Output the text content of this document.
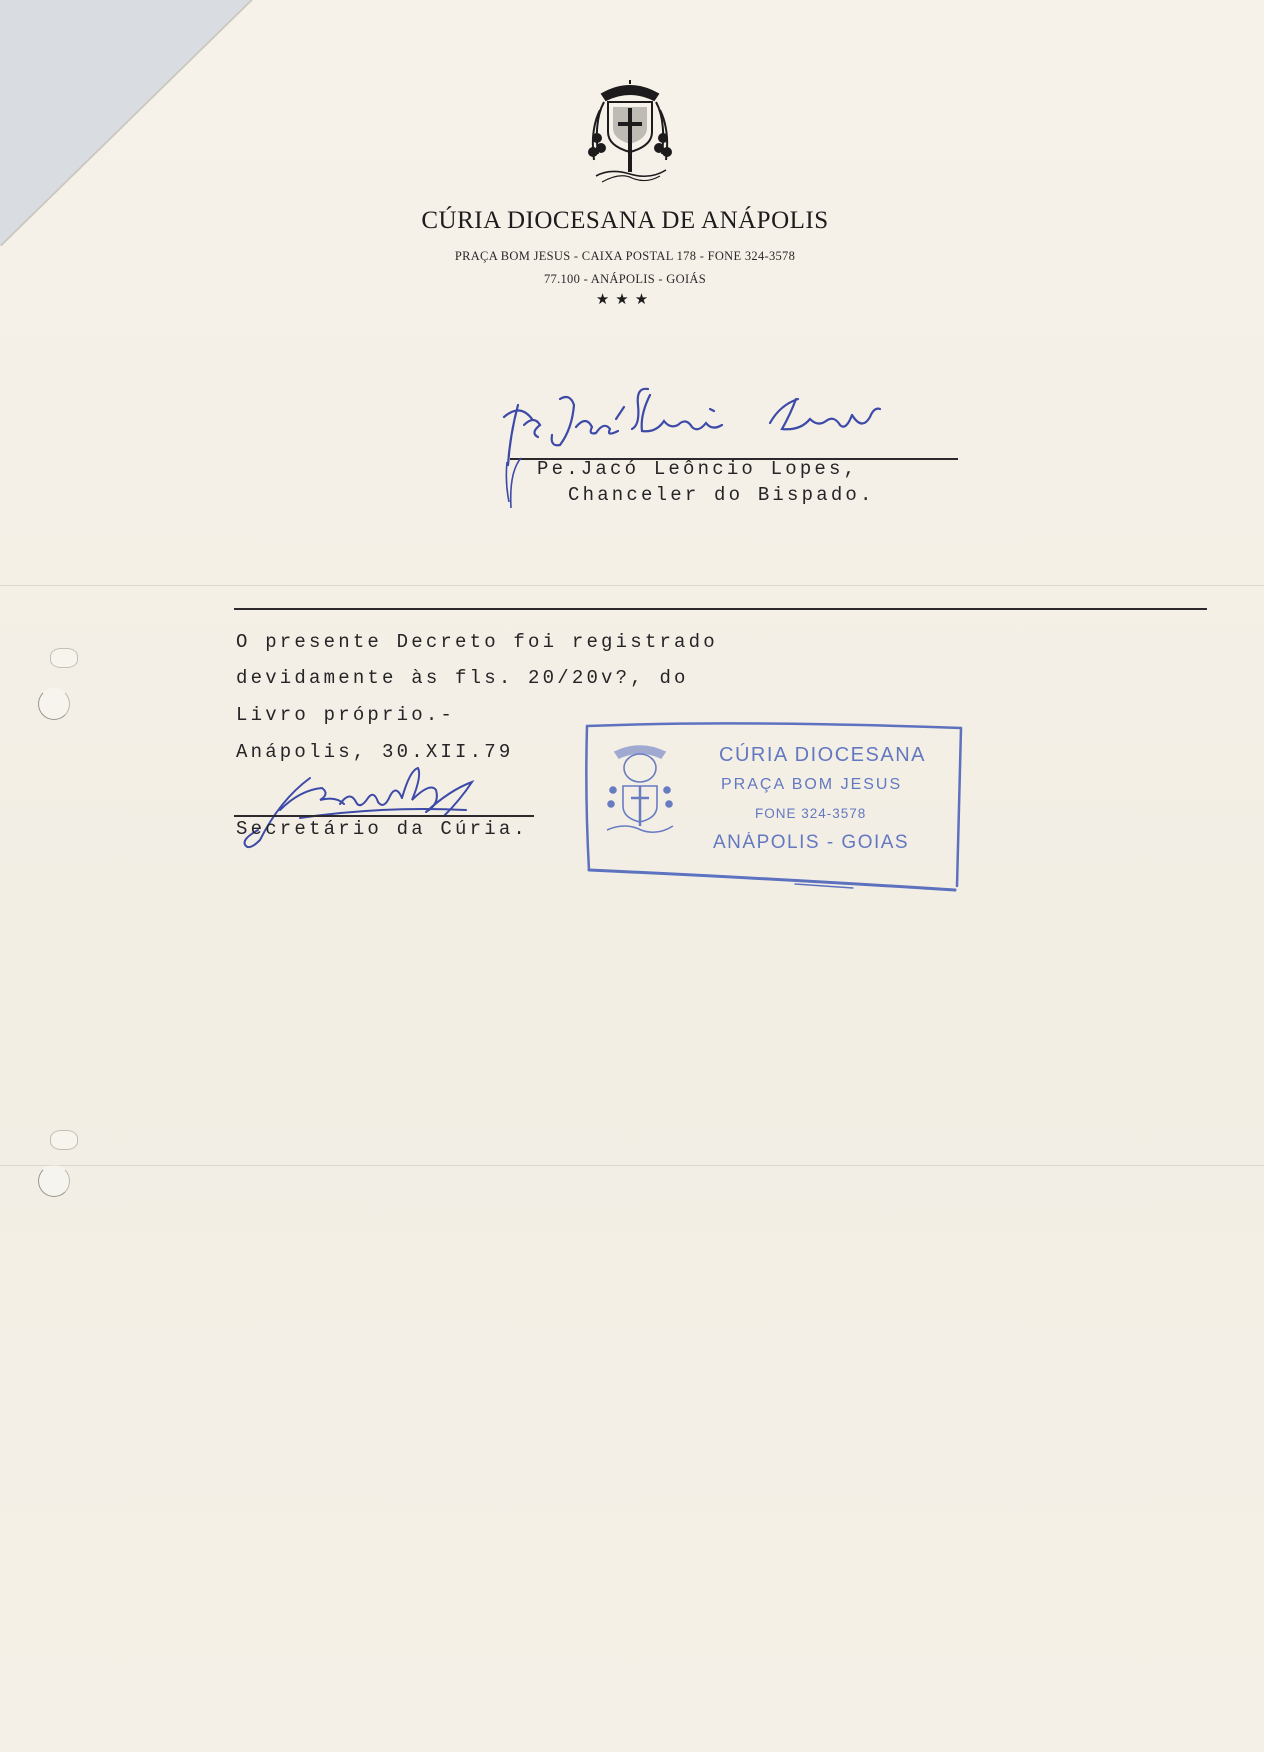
CÚRIA DIOCESANA DE ANÁPOLIS
PRAÇA BOM JESUS - CAIXA POSTAL 178 - FONE 324-3578
77.100 - ANÁPOLIS - GOIÁS
★★★
Pe.Jacó Leôncio Lopes,
Chanceler do Bispado.
O presente Decreto foi registrado
devidamente às fls. 20/20v?, do
Livro próprio.-
Anápolis, 30.XII.79
Secretário da Cúria.
CÚRIA DIOCESANA
PRAÇA BOM JESUS
FONE 324-3578
ANÁPOLIS - GOIAS
